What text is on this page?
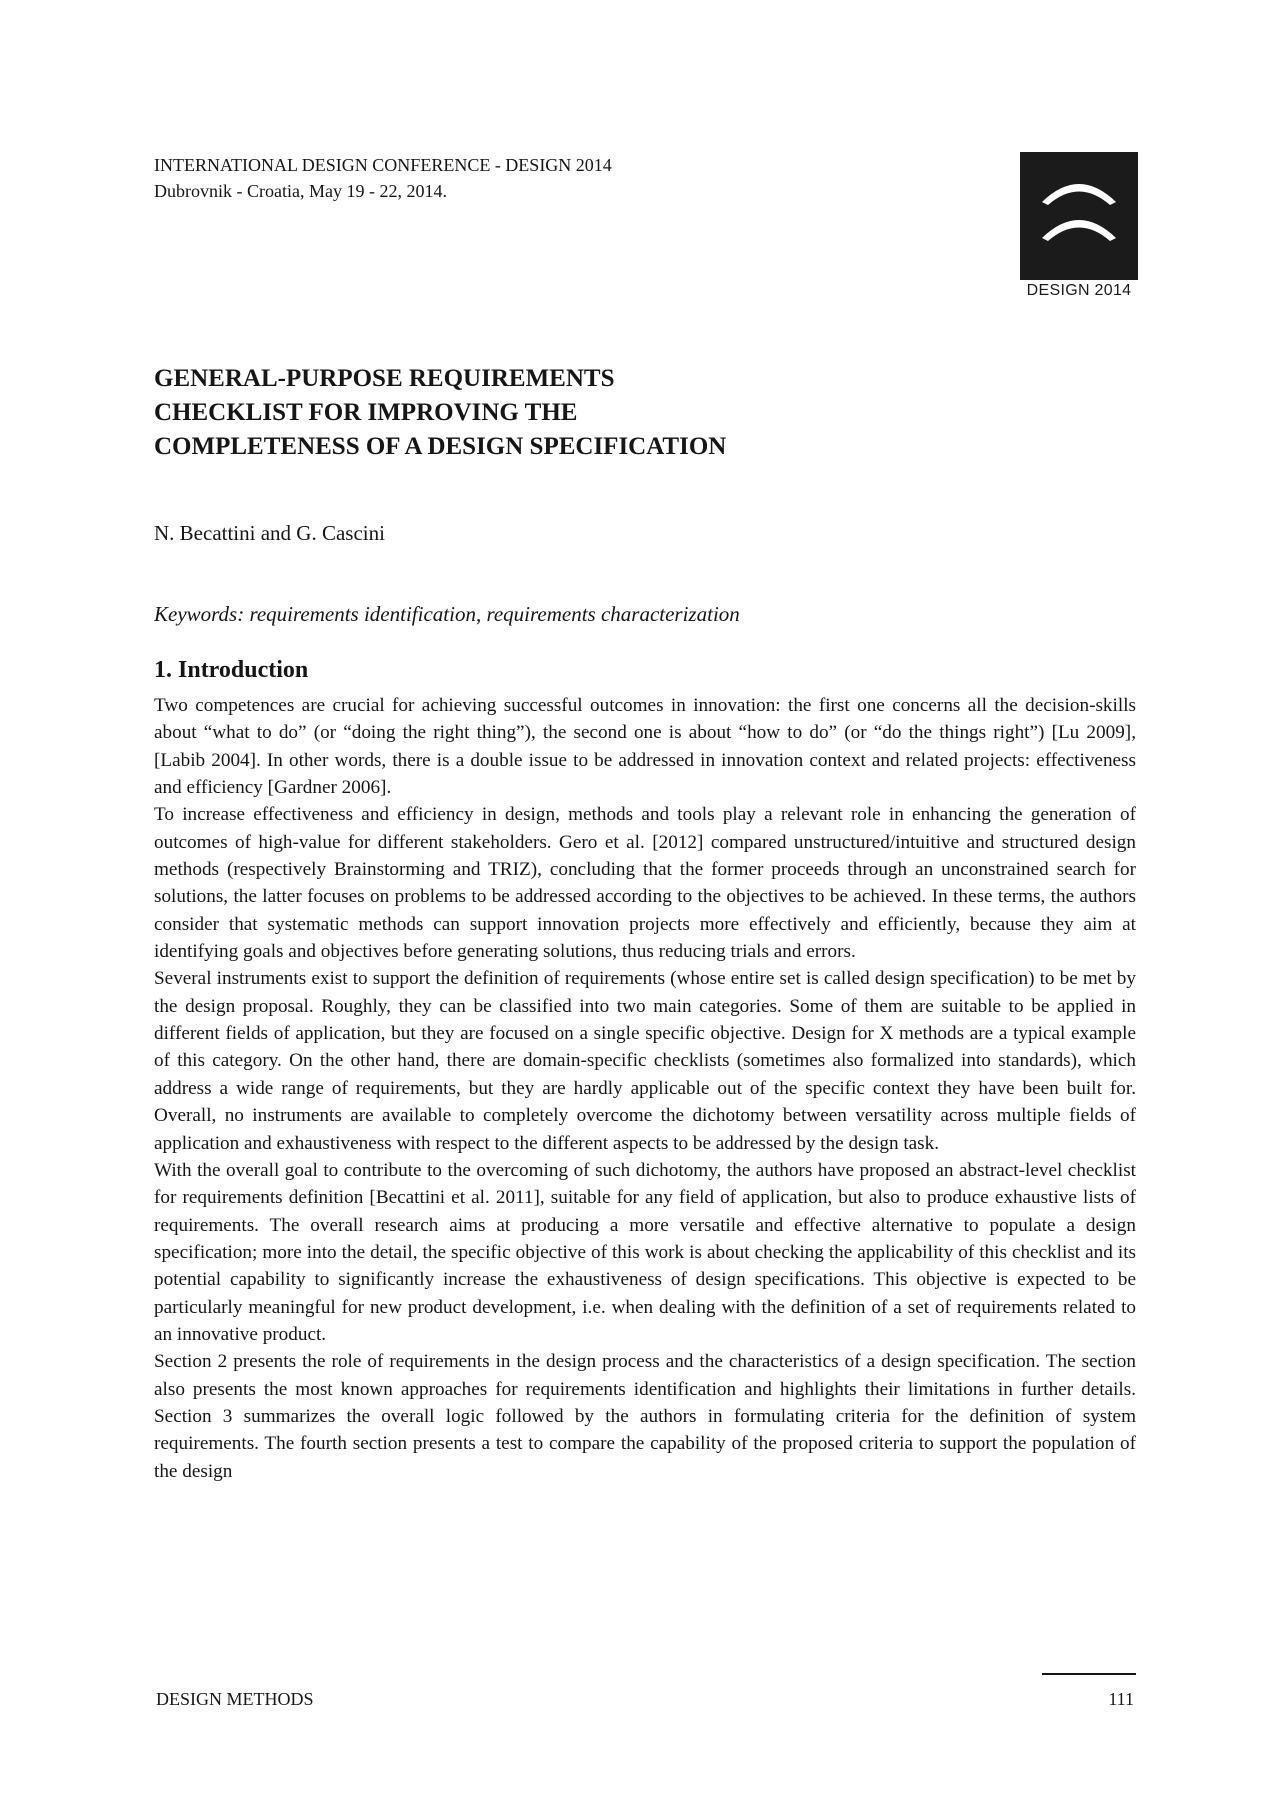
INTERNATIONAL DESIGN CONFERENCE - DESIGN 2014
Dubrovnik - Croatia, May 19 - 22, 2014.
DESIGN 2014
GENERAL-PURPOSE REQUIREMENTS
CHECKLIST FOR IMPROVING THE
COMPLETENESS OF A DESIGN SPECIFICATION
N. Becattini and G. Cascini
Keywords: requirements identification, requirements characterization
1. Introduction

Two competences are crucial for achieving successful outcomes in innovation: the first one concerns all the decision-skills about “what to do” (or “doing the right thing”), the second one is about “how to do” (or “do the things right”) [Lu 2009], [Labib 2004]. In other words, there is a double issue to be addressed in innovation context and related projects: effectiveness and efficiency [Gardner 2006].

To increase effectiveness and efficiency in design, methods and tools play a relevant role in enhancing the generation of outcomes of high-value for different stakeholders. Gero et al. [2012] compared unstructured/intuitive and structured design methods (respectively Brainstorming and TRIZ), concluding that the former proceeds through an unconstrained search for solutions, the latter focuses on problems to be addressed according to the objectives to be achieved. In these terms, the authors consider that systematic methods can support innovation projects more effectively and efficiently, because they aim at identifying goals and objectives before generating solutions, thus reducing trials and errors.

Several instruments exist to support the definition of requirements (whose entire set is called design specification) to be met by the design proposal. Roughly, they can be classified into two main categories. Some of them are suitable to be applied in different fields of application, but they are focused on a single specific objective. Design for X methods are a typical example of this category. On the other hand, there are domain-specific checklists (sometimes also formalized into standards), which address a wide range of requirements, but they are hardly applicable out of the specific context they have been built for. Overall, no instruments are available to completely overcome the dichotomy between versatility across multiple fields of application and exhaustiveness with respect to the different aspects to be addressed by the design task.

With the overall goal to contribute to the overcoming of such dichotomy, the authors have proposed an abstract-level checklist for requirements definition [Becattini et al. 2011], suitable for any field of application, but also to produce exhaustive lists of requirements. The overall research aims at producing a more versatile and effective alternative to populate a design specification; more into the detail, the specific objective of this work is about checking the applicability of this checklist and its potential capability to significantly increase the exhaustiveness of design specifications. This objective is expected to be particularly meaningful for new product development, i.e. when dealing with the definition of a set of requirements related to an innovative product.

Section 2 presents the role of requirements in the design process and the characteristics of a design specification. The section also presents the most known approaches for requirements identification and highlights their limitations in further details. Section 3 summarizes the overall logic followed by the authors in formulating criteria for the definition of system requirements. The fourth section presents a test to compare the capability of the proposed criteria to support the population of the design

DESIGN METHODS	111
